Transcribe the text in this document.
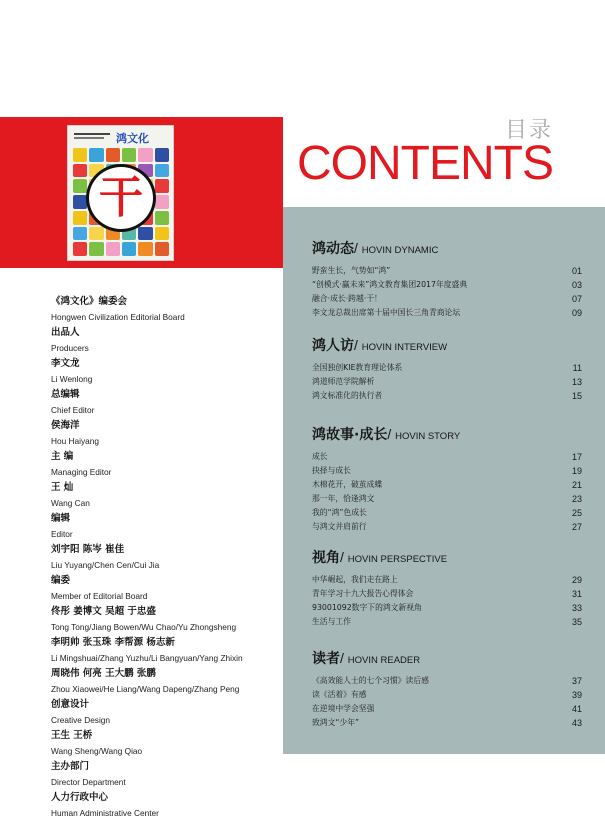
鸿文化
干
目录
CONTENTS
《鸿文化》编委会
Hongwen Civilization Editorial Board
出品人
Producers
李文龙
Li Wenlong
总编辑
Chief Editor
侯海洋
Hou Haiyang
主 编
Managing Editor
王 灿
Wang Can
编辑
Editor
刘宇阳 陈岑 崔佳
Liu Yuyang/Chen Cen/Cui Jia
编委
Member of Editorial Board
佟彤 姜博文 吴超 于忠盛
Tong Tong/Jiang Bowen/Wu Chao/Yu Zhongsheng
李明帅 张玉珠 李帮源 杨志新
Li Mingshuai/Zhang Yuzhu/Li Bangyuan/Yang Zhixin
周晓伟 何亮 王大鹏 张鹏
Zhou Xiaowei/He Liang/Wang Dapeng/Zhang Peng
创意设计
Creative Design
王生 王桥
Wang Sheng/Wang Qiao
主办部门
Director Department
人力行政中心
Human Administrative Center
鸿动态/ HOVIN DYNAMIC
野蛮生长，气势如“鸿”	01
“创模式·赢未来”鸿文教育集团2017年度盛典	03
融合·成长·跨越·干！	07
李文龙总裁出席第十届中国长三角青商论坛	09
鸿人访/ HOVIN INTERVIEW
全国独创KIE教育理论体系	11
鸿道师范学院解析	13
鸿文标准化的执行者	15
鸿故事·成长/ HOVIN STORY
成长	17
抉择与成长	19
木棉花开，破茧成蝶	21
那一年，恰逢鸿文	23
我的“鸿”色成长	25
与鸿文并肩前行	27
视角/ HOVIN PERSPECTIVE
中华崛起，我们走在路上	29
青年学习十九大报告心得体会	31
93001092数字下的鸿文新视角	33
生活与工作	35
读者/ HOVIN READER
《高效能人士的七个习惯》读后感	37
读《活着》有感	39
在逆境中学会坚强	41
致鸿文“少年”	43
